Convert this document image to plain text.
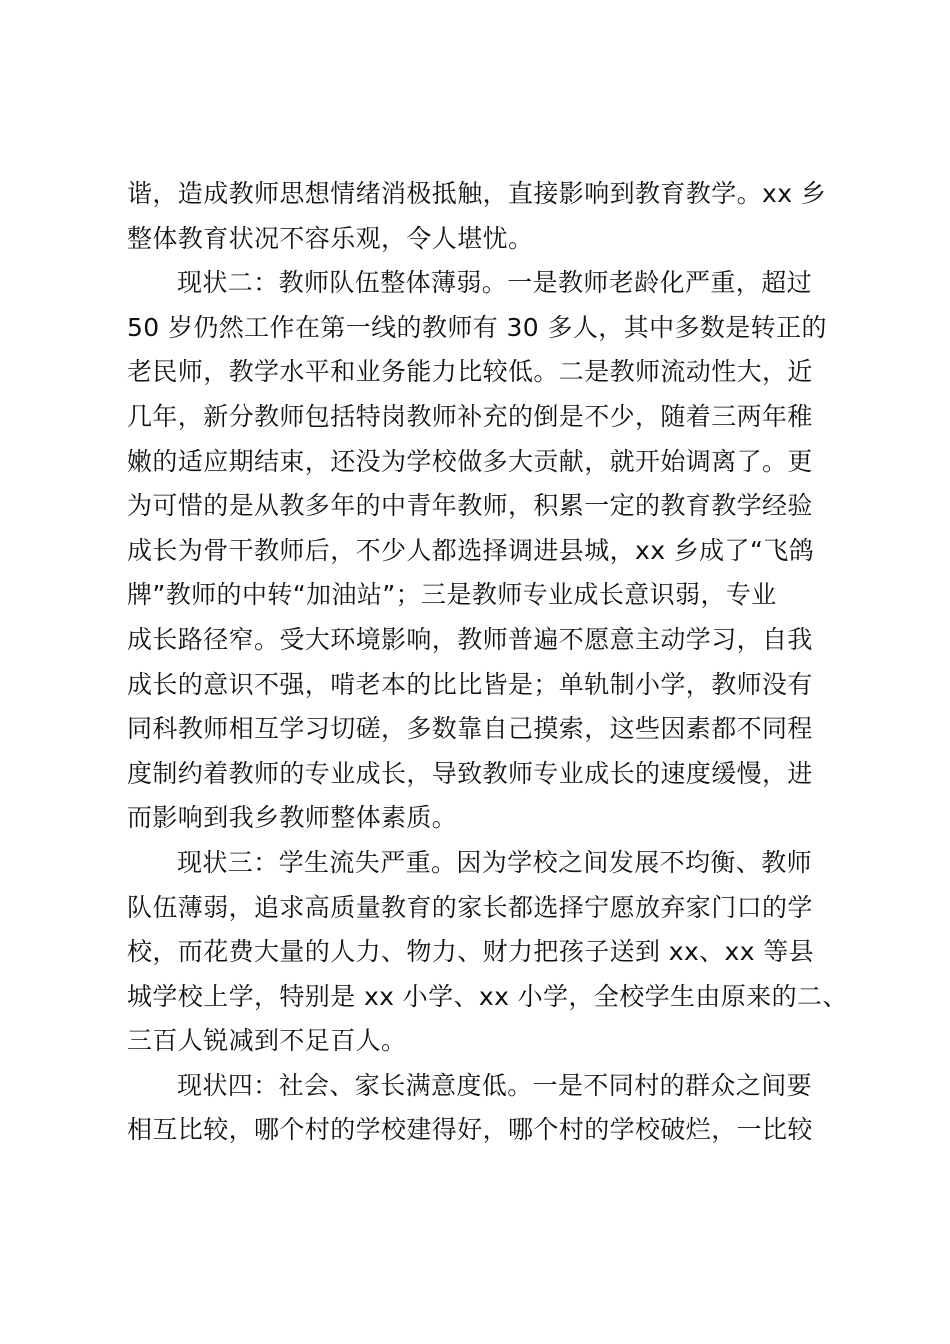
谐，造成教师思想情绪消极抵触，直接影响到教育教学。xx 乡
整体教育状况不容乐观，令人堪忧。
现状二：教师队伍整体薄弱。一是教师老龄化严重，超过
50 岁仍然工作在第一线的教师有 30 多人，其中多数是转正的
老民师，教学水平和业务能力比较低。二是教师流动性大，近
几年，新分教师包括特岗教师补充的倒是不少，随着三两年稚
嫩的适应期结束，还没为学校做多大贡献，就开始调离了。更
为可惜的是从教多年的中青年教师，积累一定的教育教学经验
成长为骨干教师后，不少人都选择调进县城，xx 乡成了“飞鸽
牌”教师的中转“加油站”；三是教师专业成长意识弱，专业
成长路径窄。受大环境影响，教师普遍不愿意主动学习，自我
成长的意识不强，啃老本的比比皆是；单轨制小学，教师没有
同科教师相互学习切磋，多数靠自己摸索，这些因素都不同程
度制约着教师的专业成长，导致教师专业成长的速度缓慢，进
而影响到我乡教师整体素质。
现状三：学生流失严重。因为学校之间发展不均衡、教师
队伍薄弱，追求高质量教育的家长都选择宁愿放弃家门口的学
校，而花费大量的人力、物力、财力把孩子送到 xx、xx 等县
城学校上学，特别是 xx 小学、xx 小学，全校学生由原来的二、
三百人锐减到不足百人。
现状四：社会、家长满意度低。一是不同村的群众之间要
相互比较，哪个村的学校建得好，哪个村的学校破烂，一比较
